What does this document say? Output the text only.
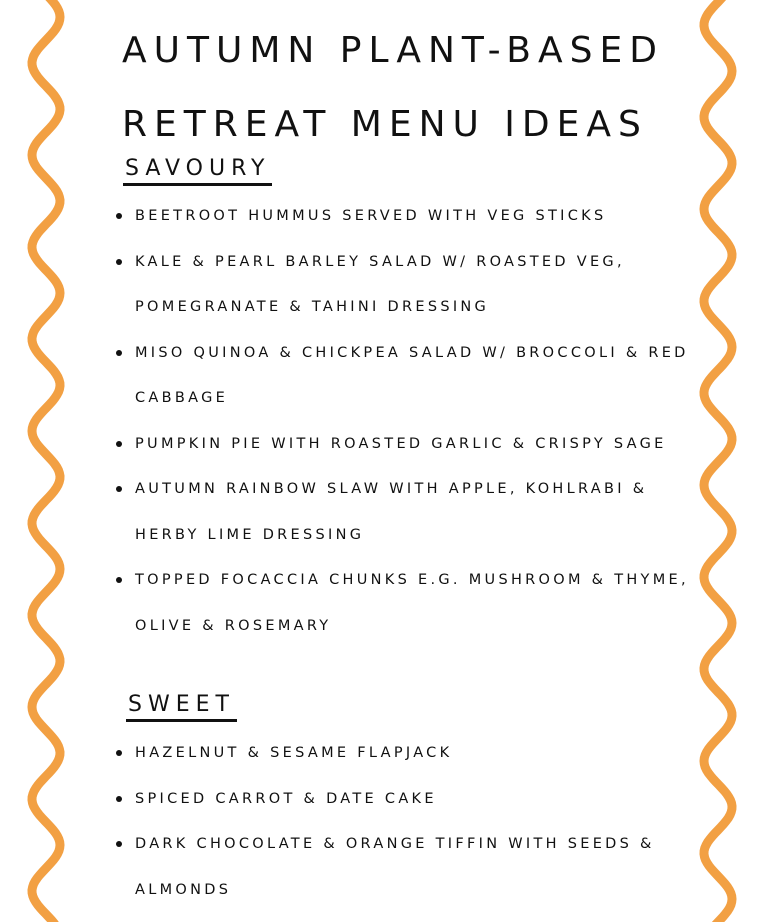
AUTUMN PLANT-BASED
RETREAT MENU IDEAS
SAVOURY
BEETROOT HUMMUS SERVED WITH VEG STICKS
KALE & PEARL BARLEY SALAD W/ ROASTED VEG, POMEGRANATE & TAHINI DRESSING
MISO QUINOA & CHICKPEA SALAD W/ BROCCOLI & RED CABBAGE
PUMPKIN PIE WITH ROASTED GARLIC & CRISPY SAGE
AUTUMN RAINBOW SLAW WITH APPLE, KOHLRABI & HERBY LIME DRESSING
TOPPED FOCACCIA CHUNKS E.G. MUSHROOM & THYME, OLIVE & ROSEMARY
SWEET
HAZELNUT & SESAME FLAPJACK
SPICED CARROT & DATE CAKE
DARK CHOCOLATE & ORANGE TIFFIN WITH SEEDS & ALMONDS
